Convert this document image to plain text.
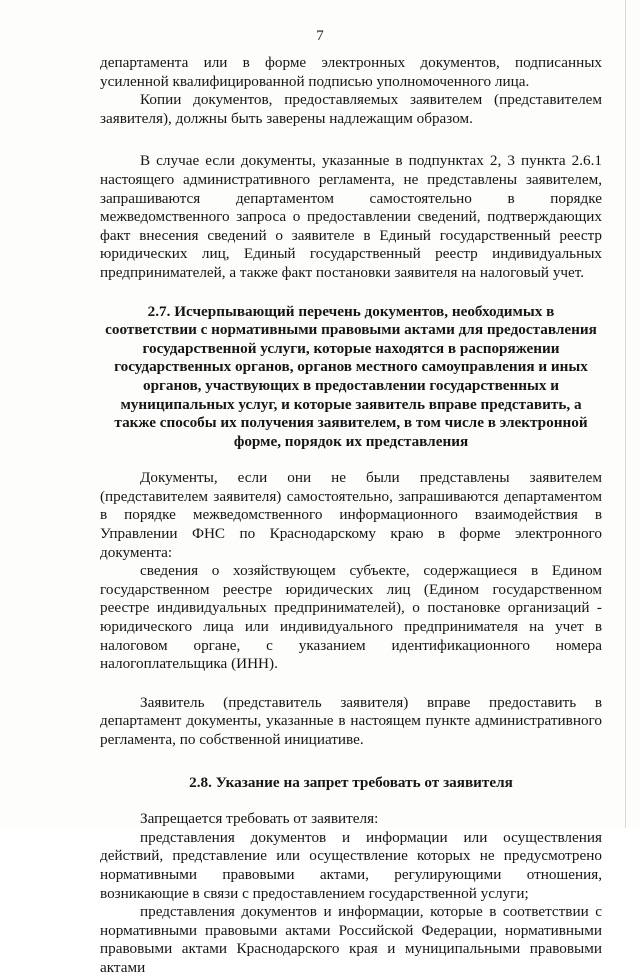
7

департамента или в форме электронных документов, подписанных усиленной квалифицированной подписью уполномоченного лица.

Копии документов, предоставляемых заявителем (представителем заявителя), должны быть заверены надлежащим образом.

В случае если документы, указанные в подпунктах 2, 3 пункта 2.6.1 настоящего административного регламента, не представлены заявителем, запрашиваются департаментом самостоятельно в порядке межведомственного запроса о предоставлении сведений, подтверждающих факт внесения сведений о заявителе в Единый государственный реестр юридических лиц, Единый государственный реестр индивидуальных предпринимателей, а также факт постановки заявителя на налоговый учет.

2.7. Исчерпывающий перечень документов, необходимых в соответствии с нормативными правовыми актами для предоставления государственной услуги, которые находятся в распоряжении государственных органов, органов местного самоуправления и иных органов, участвующих в предоставлении государственных и муниципальных услуг, и которые заявитель вправе представить, а также способы их получения заявителем, в том числе в электронной форме, порядок их представления

Документы, если они не были представлены заявителем (представителем заявителя) самостоятельно, запрашиваются департаментом в порядке межведомственного информационного взаимодействия в Управлении ФНС по Краснодарскому краю в форме электронного документа:

сведения о хозяйствующем субъекте, содержащиеся в Едином государственном реестре юридических лиц (Едином государственном реестре индивидуальных предпринимателей), о постановке организаций - юридического лица или индивидуального предпринимателя на учет в налоговом органе, с указанием идентификационного номера налогоплательщика (ИНН).

Заявитель (представитель заявителя) вправе предоставить в департамент документы, указанные в настоящем пункте административного регламента, по собственной инициативе.

2.8. Указание на запрет требовать от заявителя

Запрещается требовать от заявителя:

представления документов и информации или осуществления действий, представление или осуществление которых не предусмотрено нормативными правовыми актами, регулирующими отношения, возникающие в связи с предоставлением государственной услуги;

представления документов и информации, которые в соответствии с нормативными правовыми актами Российской Федерации, нормативными правовыми актами Краснодарского края и муниципальными правовыми актами
